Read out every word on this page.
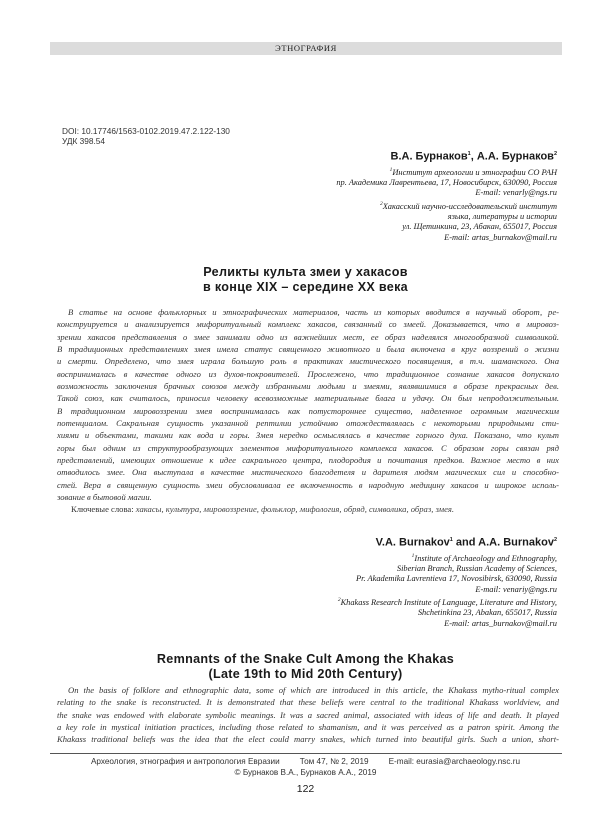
ЭТНОГРАФИЯ
DOI: 10.17746/1563-0102.2019.47.2.122-130
УДК 398.54
В.А. Бурнаков$^1$, А.А. Бурнаков$^2$
$^1$Институт археологии и этнографии СО РАН
пр. Академика Лаврентьева, 17, Новосибирск, 630090, Россия
E-mail: venarly@ngs.ru
$^2$Хакасский научно-исследовательский институт
языка, литературы и истории
ул. Щетинкина, 23, Абакан, 655017, Россия
E-mail: artas_burnakov@mail.ru
Реликты культа змеи у хакасов
в конце XIX – середине XX века
В статье на основе фольклорных и этнографических материалов, часть из которых вводится в научный оборот, ре-
конструируется и анализируется мифоритуальный комплекс хакасов, связанный со змеей. Доказывается, что в мировоз-
зрении хакасов представления о змее занимали одно из важнейших мест, ее образ наделялся многообразной символикой.
В традиционных представлениях змея имела статус священного животного и была включена в круг воззрений о жизни
и смерти. Определено, что змея играла большую роль в практиках мистического посвящения, в т.ч. шаманского. Она
воспринималась в качестве одного из духов-покровителей. Прослежено, что традиционное сознание хакасов допускало
возможность заключения брачных союзов между избранными людьми и змеями, являвшимися в образе прекрасных дев.
Такой союз, как считалось, приносил человеку всевозможные материальные блага и удачу. Он был непродолжительным.
В традиционном мировоззрении змея воспринималась как потустороннее существо, наделенное огромным магическим
потенциалом. Сакральная сущность указанной рептилии устойчиво отождествлялась с некоторыми природными сти-
хиями и объектами, такими как вода и горы. Змея нередко осмыслялась в качестве горного духа. Показано, что культ
горы был одним из структурообразующих элементов мифоритуального комплекса хакасов. С образом горы связан ряд
представлений, имеющих отношение к идее сакрального центра, плодородия и почитания предков. Важное место в них
отводилось змее. Она выступала в качестве мистического благодетеля и дарителя людям магических сил и способно-
стей. Вера в священную сущность змеи обусловливала ее включенность в народную медицину хакасов и широкое исполь-
зование в бытовой магии.
Ключевые слова: хакасы, культура, мировоззрение, фольклор, мифология, обряд, символика, образ, змея.
V.A. Burnakov$^1$ and A.A. Burnakov$^2$
$^1$Institute of Archaeology and Ethnography,
Siberian Branch, Russian Academy of Sciences,
Pr. Akademika Lavrentieva 17, Novosibirsk, 630090, Russia
E-mail: venariy@ngs.ru
$^2$Khakass Research Institute of Language, Literature and History,
Shchetinkina 23, Abakan, 655017, Russia
E-mail: artas_burnakov@mail.ru
Remnants of the Snake Cult Among the Khakas
(Late 19th to Mid 20th Century)
On the basis of folklore and ethnographic data, some of which are introduced in this article, the Khakass mytho-ritual complex
relating to the snake is reconstructed. It is demonstrated that these beliefs were central to the traditional Khakass worldview, and
the snake was endowed with elaborate symbolic meanings. It was a sacred animal, associated with ideas of life and death. It played
a key role in mystical initiation practices, including those related to shamanism, and it was perceived as a patron spirit. Among the
Khakass traditional beliefs was the idea that the elect could marry snakes, which turned into beautiful girls. Such a union, short-
Археология, этнография и антропология Евразии Том 47, № 2, 2019 E-mail: eurasia@archaeology.nsc.ru
© Бурнаков В.А., Бурнаков А.А., 2019
122
